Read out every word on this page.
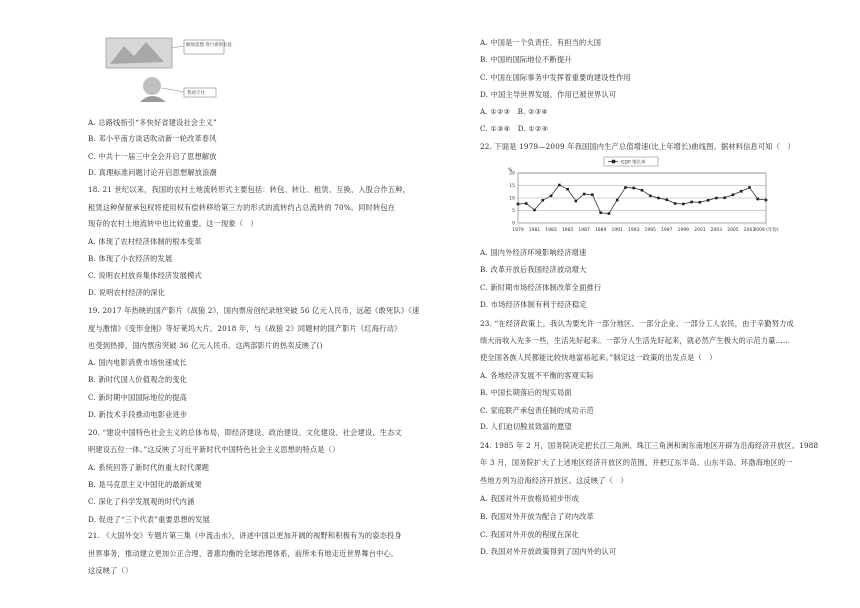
解放思想 进行新的长征
我看守住
A. 总路线指引“多快好省建设社会主义”
B. 邓小平南方谈话吹动新一轮改革春风
C. 中共十一届三中全会开启了思想解放
D. 真理标准问题讨论开启思想解放浪潮
18. 21 世纪以来，我国的农村土地流转形式主要包括：转包、转让、租赁、互换、入股合作五种，
租赁这种保留承包权将使用权有偿转移给第三方的形式的流转约占总流转的 70%。同时转包在
现存的农村土地流转中也比较重要。这一现象（　）
A. 体现了农村经济体制的根本变革
B. 体现了小农经济的发展
C. 说明农村放弃集体经济发展模式
D. 说明农村经济的深化
19. 2017 年热映的国产影片《战狼 2》，国内票房创纪录地突破 56 亿元人民币，远超《敢死队》《速
度与激情》《变形金刚》等好莱坞大片。2018 年，与《战狼 2》同题材的国产影片《红海行动》
也受到热捧，国内票房突破 36 亿元人民币。这两部影片的热卖反映了()
A. 国内电影消费市场快速成长
B. 新时代国人价值观念的变化
C. 新时期中国国际地位的提高
D. 新技术手段推动电影业进步
20. “建设中国特色社会主义的总体布局，即经济建设、政治建设、文化建设、社会建设、生态文
明建设五位一体。”这反映了习近平新时代中国特色社会主义思想的特点是（）
A. 系统回答了新时代的重大时代课题
B. 是马克思主义中国化的最新成果
C. 深化了科学发展观的时代内涵
D. 促进了“三个代表”重要思想的发展
21. 《大国外交》专题片第三集《中流击水》，讲述中国以更加开阔的视野和积极有为的姿态投身
世界事务，推动建立更加公正合理、普惠均衡的全球治理体系，前所未有地走近世界舞台中心。
这反映了（）
A. 中国是一个负责任、有担当的大国
B. 中国的国际地位不断提升
C. 中国在国际事务中发挥着重要的建设性作用
D. 中国主导世界发展、作用已被世界认可
A. ①②③　B. ②③④
C. ①③④　D. ①②④
22. 下面是 1979—2009 年我国国内生产总值增速(比上年增长)曲线图。据材料信息可知（　）
0
5
10
15
20
%
1979 1981 1983 1985 1987 1989 1991 1993 1995 1997 1999 2001 2003 2005 2007
2009 (年份)
GDP 增长率
A. 国内外经济环境影响经济增速
B. 改革开放后我国经济波动增大
C. 新时期市场经济体制改革全面推行
D. 市场经济体制有利于经济稳定
23. “在经济政策上，我认为要允许一部分地区、一部分企业、一部分工人农民，由于辛勤努力成
绩大而收入先多一些，生活先好起来。一部分人生活先好起来，就必然产生极大的示范力量……
使全国各族人民都能比较快地富裕起来。”制定这一政策的出发点是（　）
A. 各地经济发展不平衡的客观实际
B. 中国长期落后的现实局面
C. 家庭联产承包责任制的成功示范
D. 人们迫切脱贫致富的愿望
24. 1985 年 2 月，国务院决定把长江三角洲、珠江三角洲和闽东南地区开辟为沿海经济开放区。1988
年 3 月，国务院扩大了上述地区经济开放区的范围，并把辽东半岛、山东半岛、环渤海地区的一
些地方列为沿海经济开放区。这反映了（　）
A. 我国对外开放格局初步形成
B. 我国对外开放为配合了对内改革
C. 我国对外开放的程度在深化
D. 我国对外开放政策得到了国内外的认可
